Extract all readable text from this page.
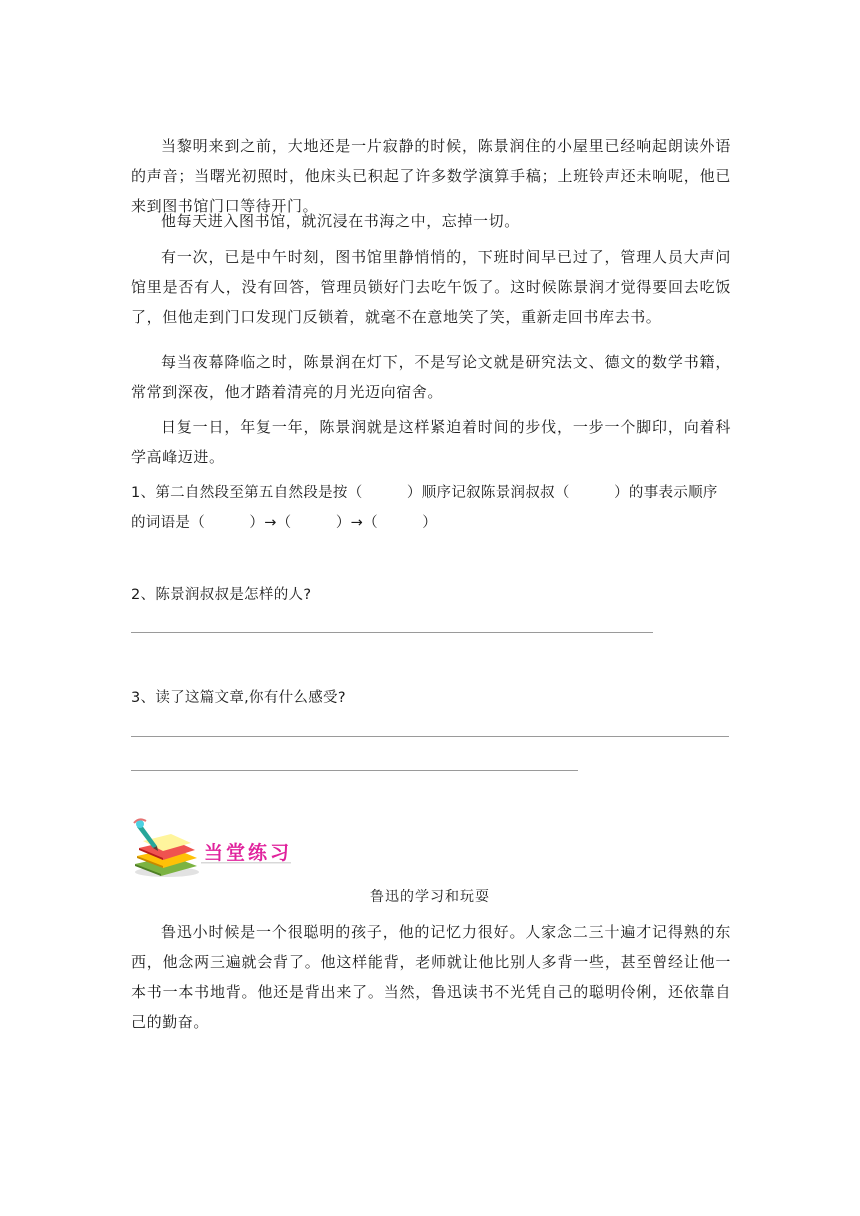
当黎明来到之前，大地还是一片寂静的时候，陈景润住的小屋里已经响起朗读外语的声音；当曙光初照时，他床头已积起了许多数学演算手稿；上班铃声还未响呢，他已来到图书馆门口等待开门。

他每天进入图书馆，就沉浸在书海之中，忘掉一切。

有一次，已是中午时刻，图书馆里静悄悄的，下班时间早已过了，管理人员大声问馆里是否有人，没有回答，管理员锁好门去吃午饭了。这时候陈景润才觉得要回去吃饭了，但他走到门口发现门反锁着，就毫不在意地笑了笑，重新走回书库去书。

每当夜幕降临之时，陈景润在灯下，不是写论文就是研究法文、德文的数学书籍，常常到深夜，他才踏着清亮的月光迈向宿舍。

日复一日，年复一年，陈景润就是这样紧迫着时间的步伐，一步一个脚印，向着科学高峰迈进。

1、第二自然段至第五自然段是按（　　　）顺序记叙陈景润叔叔（　　　）的事表示顺序的词语是（　　　）→（　　　）→（　　　）

2、陈景润叔叔是怎样的人?

3、读了这篇文章,你有什么感受?

当堂练习

鲁迅的学习和玩耍

鲁迅小时候是一个很聪明的孩子，他的记忆力很好。人家念二三十遍才记得熟的东西，他念两三遍就会背了。他这样能背，老师就让他比别人多背一些，甚至曾经让他一本书一本书地背。他还是背出来了。当然，鲁迅读书不光凭自己的聪明伶俐，还依靠自己的勤奋。
